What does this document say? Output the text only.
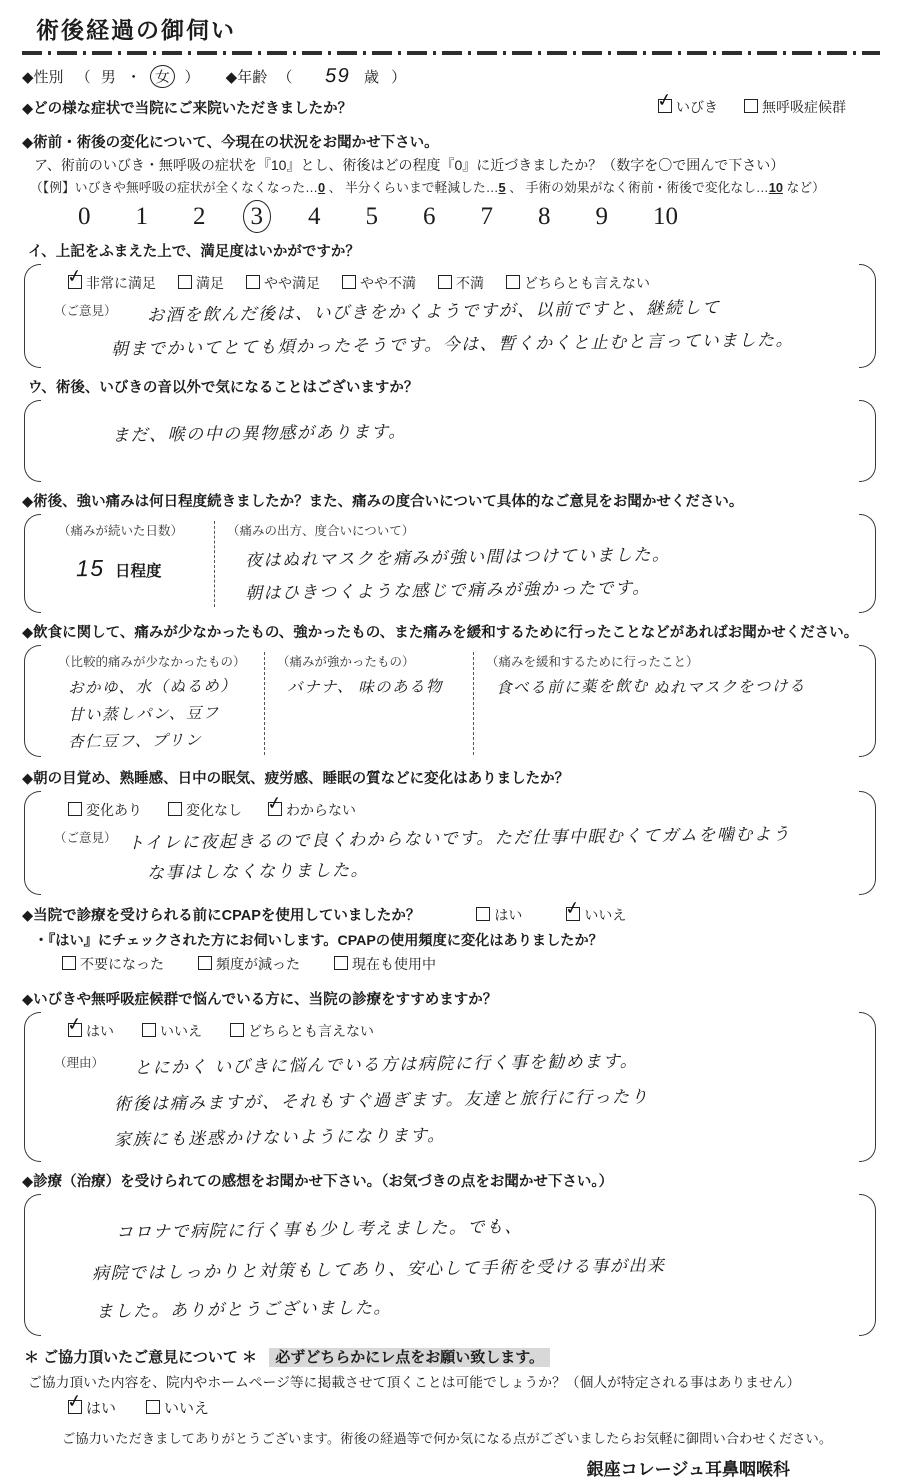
術後経過の御伺い
◆性別 （ 男 ・ 女 ） ◆年齢 （ 59 歳 ）
◆どの様な症状で当院にご来院いただきましたか？ ✓	いびき	無呼吸症候群
◆術前・術後の変化について、今現在の状況をお聞かせ下さい。
ア、術前のいびき・無呼吸の症状を『10』とし、術後はどの程度『0』に近づきましたか？（数字を〇で囲んで下さい）
（【例】いびきや無呼吸の症状が全くなくなった…0 、 半分くらいまで軽減した…5 、 手術の効果がなく術前・術後で変化なし…10 など）
0	1	2	3	4	5	6	7	8	9	10
イ、上記をふまえた上で、満足度はいかがですか？
✓非常に満足	満足	やや満足	やや不満	不満	どちらとも言えない
（ご意見）	お酒を飲んだ後は、いびきをかくようですが、以前ですと、継続して 朝までかいてとても煩かったそうです。今は、暫くかくと止むと言っていました。
ウ、術後、いびきの音以外で気になることはございますか？
まだ、喉の中の異物感があります。
◆術後、強い痛みは何日程度続きましたか？また、痛みの度合いについて具体的なご意見をお聞かせください。
（痛みが続いた日数）
15 日程度
（痛みの出方、度合いについて）
夜はぬれマスクを痛みが強い間はつけていました。 朝はひきつくような感じで痛みが強かったです。
◆飲食に関して、痛みが少なかったもの、強かったもの、また痛みを緩和するために行ったことなどがあればお聞かせください。
（比較的痛みが少なかったもの）
おかゆ、水（ぬるめ） 甘い蒸しパン、豆フ 杏仁豆フ、プリン
（痛みが強かったもの）
バナナ、 味のある物
（痛みを緩和するために行ったこと）
食べる前に薬を飲む ぬれマスクをつける
◆朝の目覚め、熟睡感、日中の眠気、疲労感、睡眠の質などに変化はありましたか？
変化あり	変化なし ✓	わからない
（ご意見） トイレに夜起きるので良くわからないです。ただ仕事中眠むくてガムを噛むよう な事はしなくなりました。
◆当院で診療を受けられる前にCPAPを使用していましたか？	はい ✓	いいえ
・『はい』にチェックされた方にお伺いします。CPAPの使用頻度に変化はありましたか？
不要になった	頻度が減った	現在も使用中
◆いびきや無呼吸症候群で悩んでいる方に、当院の診療をすすめますか？
✓はい	いいえ	どちらとも言えない
（理由）	とにかく いびきに悩んでいる方は病院に行く事を勧めます。 術後は痛みますが、それもすぐ過ぎます。友達と旅行に行ったり 家族にも迷惑かけないようになります。
◆診療（治療）を受けられての感想をお聞かせ下さい。（お気づきの点をお聞かせ下さい。）
コロナで病院に行く事も少し考えました。でも、 病院ではしっかりと対策もしてあり、安心して手術を受ける事が出来 ました。ありがとうございました。
＊ ご協力頂いたご意見について ＊ 必ずどちらかにレ点をお願い致します。
ご協力頂いた内容を、院内やホームページ等に掲載させて頂くことは可能でしょうか？（個人が特定される事はありません）
✓はい	いいえ
ご協力いただきましてありがとうございます。術後の経過等で何か気になる点がございましたらお気軽に御問い合わせください。
銀座コレージュ耳鼻咽喉科
